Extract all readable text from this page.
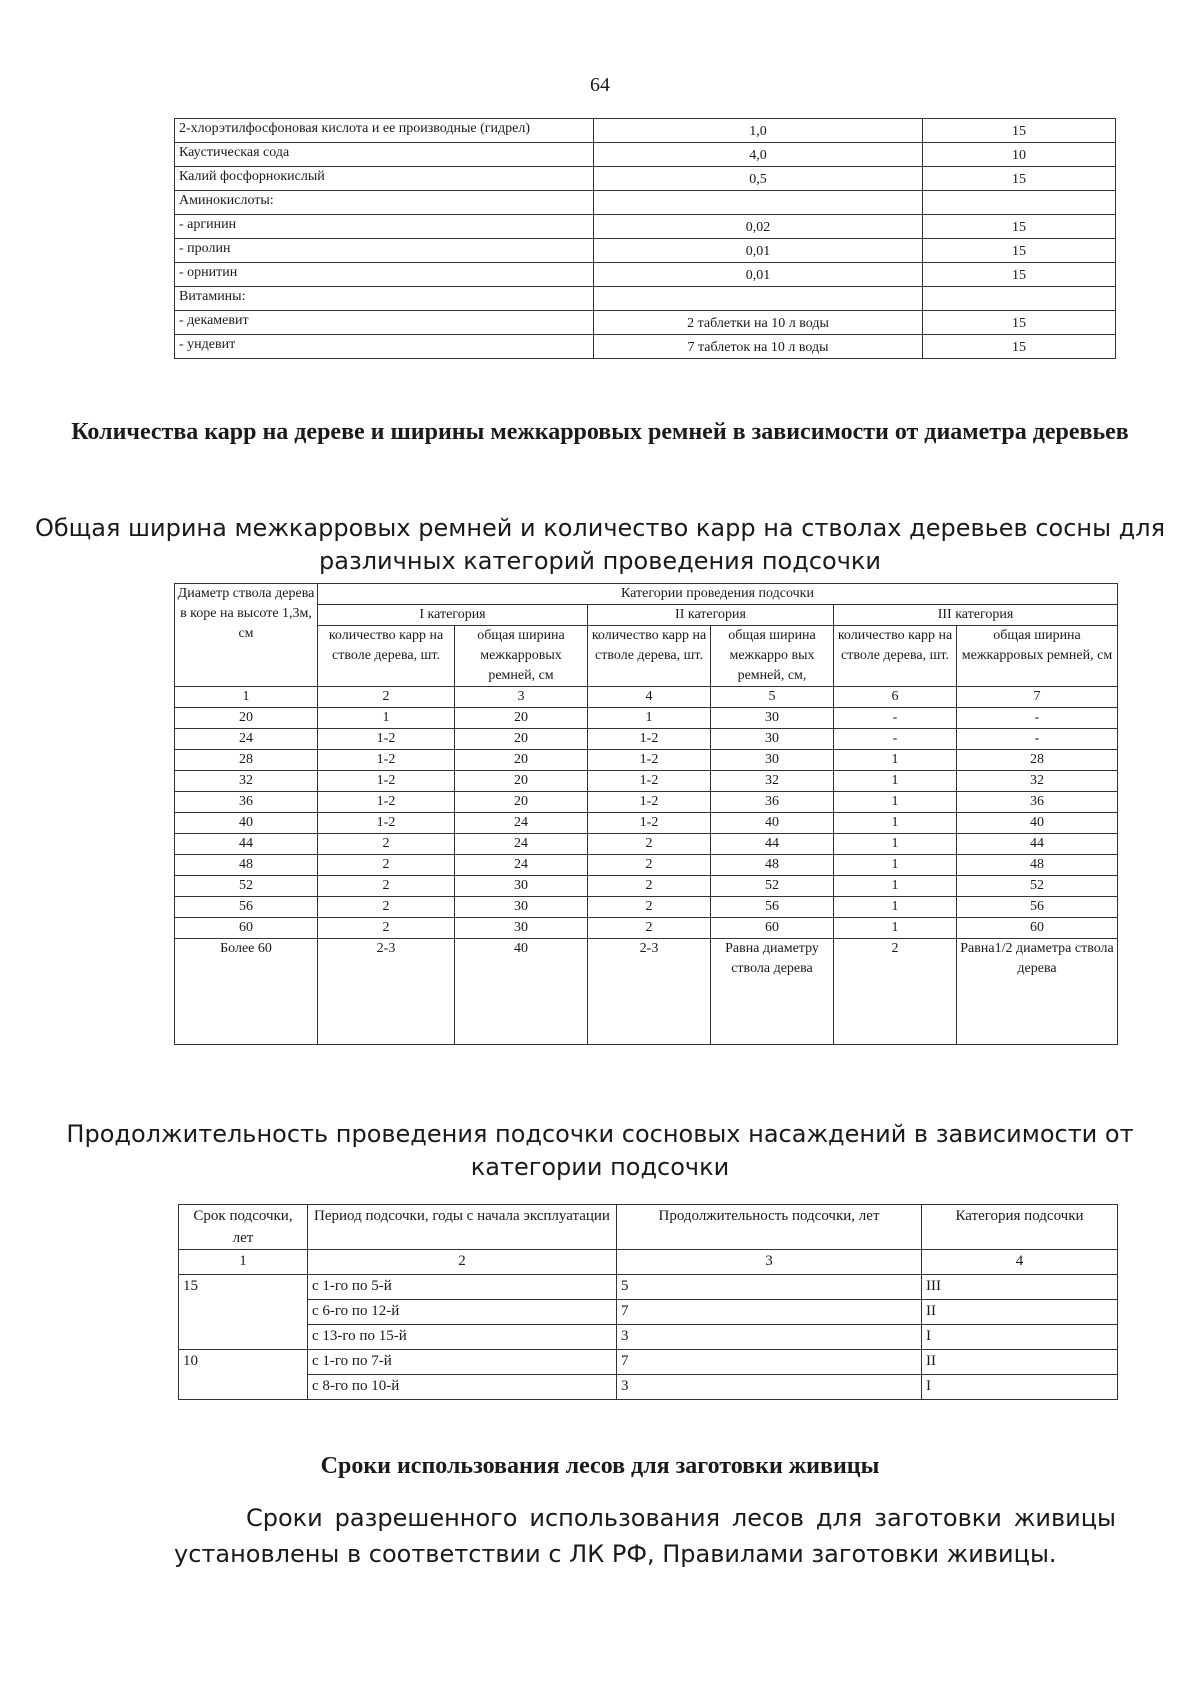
64
2-хлорэтилфосфоновая кислота и ее производные (гидрел)	1,0	15
Каустическая сода	4,0	10
Калий фосфорнокислый	0,5	15
Аминокислоты:		
- аргинин	0,02	15
- пролин	0,01	15
- орнитин	0,01	15
Витамины:		
- декамевит	2 таблетки на 10 л воды	15
- ундевит	7 таблеток на 10 л воды	15
Количества карр на дереве и ширины межкарровых ремней в зависимости от диаметра деревьев
Общая ширина межкарровых ремней и количество карр на стволах деревьев сосны для различных категорий проведения подсочки
Диаметр ствола дерева в коре на высоте 1,3м, см	Категории проведения подсочки					
	I категория		II категория		III категория	
	количество карр на стволе дерева, шт.	общая ширина межкарровых ремней, см	количество карр на стволе дерева, шт.	общая ширина межкарро вых ремней, см,	количество карр на стволе дерева, шт.	общая ширина межкарровых ремней, см
1	2	3	4	5	6	7
20	1	20	1	30	-	-
24	1-2	20	1-2	30	-	-
28	1-2	20	1-2	30	1	28
32	1-2	20	1-2	32	1	32
36	1-2	20	1-2	36	1	36
40	1-2	24	1-2	40	1	40
44	2	24	2	44	1	44
48	2	24	2	48	1	48
52	2	30	2	52	1	52
56	2	30	2	56	1	56
60	2	30	2	60	1	60
Более 60	2-3	40	2-3	Равна диаметру ствола дерева	2	Равна1/2 диаметра ствола дерева
Продолжительность проведения подсочки сосновых насаждений в зависимости от категории подсочки
Срок подсочки, лет	Период подсочки, годы с начала эксплуатации	Продолжительность подсочки, лет	Категория подсочки
1	2	3	4
15	с 1-го по 5-й	5	III
	с 6-го по 12-й	7	II
	с 13-го по 15-й	3	I
10	с 1-го по 7-й	7	II
	с 8-го по 10-й	3	I
Сроки использования лесов для заготовки живицы
Сроки разрешенного использования лесов для заготовки живицы установлены в соответствии с ЛК РФ, Правилами заготовки живицы.
